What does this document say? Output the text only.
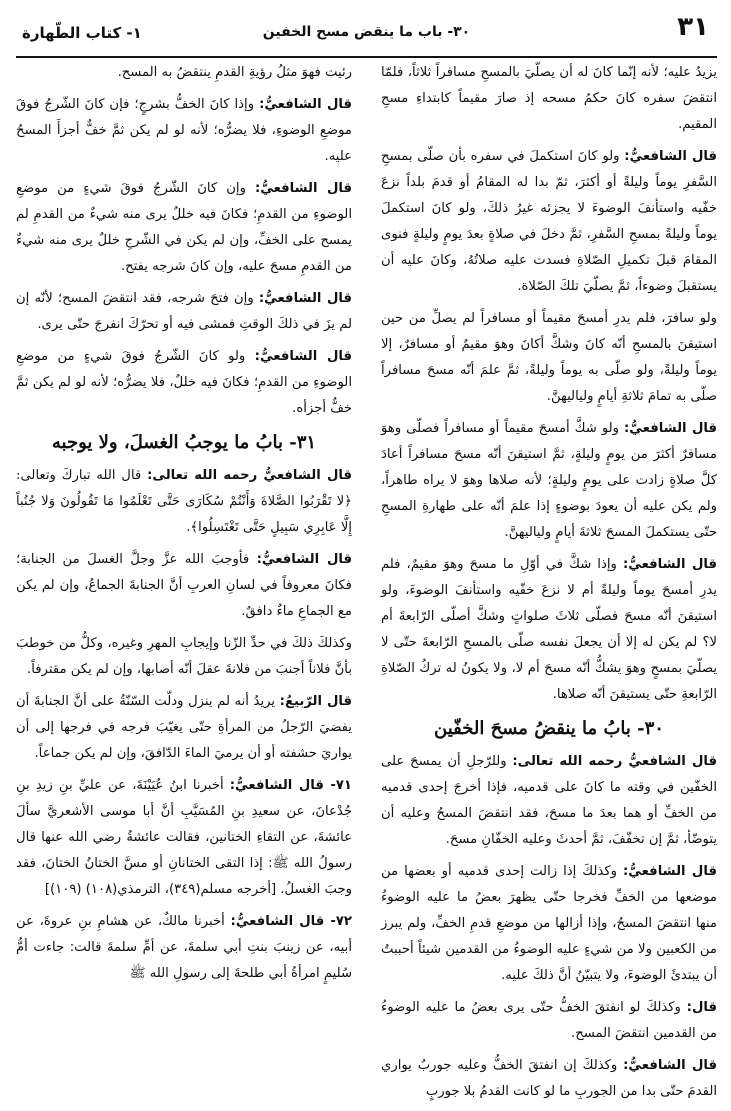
٣١
٣٠- باب ما ينقض مسح الخفين
١- كتاب الطّهارة

يزيدُ عليه؛ لأنه إنّما كانَ له أن يصلّيَ بالمسحِ مسافراً ثلاثاً، فلمّا انتقضَ سفره كانَ حكمُ مسحه إذ صارَ مقيماً كابتداءِ مسحِ المقيم.

قال الشافعيُّ: ولو كانَ استكملَ في سفره بأن صلّى بمسحِ السَّفرِ يوماً وليلةً أو أكثرَ، ثمّ بدا له المقامُ أو قدمَ بلداً نزعَ خفّيه واستأنفَ الوضوءَ لا يجزئه غيرُ ذلكَ، ولو كانَ استكملَ يوماً وليلةً بمسحِ السَّفرِ، ثمَّ دخلَ في صلاةٍ بعدَ يومٍ وليلةٍ فنوى المقامَ قبلَ تكميلِ الصّلاةِ فسدت عليه صلاتُهُ، وكانَ عليه أن يستقبلَ وضوءاً، ثمَّ يصلّيَ تلكَ الصّلاة.

ولو سافرَ، فلم يدرِ أمسحَ مقيماً أو مسافراً لم يصلِّ من حين استيقنَ بالمسحِ أنّه كانَ وشكَّ أكانَ وهوَ مقيمٌ أو مسافرٌ، إلا يوماً وليلةً، ولو صلّى به يوماً وليلةً، ثمَّ علمَ أنّه مسحَ مسافراً صلّى به تمامَ ثلاثةِ أيامٍ ولياليهنَّ.

قال الشافعيُّ: ولو شكَّ أمسحَ مقيماً أو مسافراً فصلّى وهوَ مسافرٌ أكثرَ من يومٍ وليلةٍ، ثمَّ استيقنَ أنّه مسحَ مسافراً أعادَ كلَّ صلاةٍ زادت على يومٍ وليلةٍ؛ لأنه صلاها وهوَ لا يراه طاهراً، ولم يكن عليه أن يعودَ بوضوءٍ إذا علمَ أنّه على طهارةِ المسحِ حتّى يستكملَ المسحَ ثلاثةَ أيامٍ ولياليهنَّ.

قال الشافعيُّ: وإذا شكَّ في أوّلِ ما مسحَ وهوَ مقيمٌ، فلم يدرِ أمسحَ يوماً وليلةً أم لا نزعَ خفّيه واستأنفَ الوضوءَ، ولو استيقنَ أنّه مسحَ فصلّى ثلاثَ صلواتٍ وشكَّ أصلّى الرّابعةَ أم لا؟ لم يكن له إلا أن يجعلَ نفسه صلّى بالمسحِ الرّابعةَ حتّى لا يصلّيَ بمسحٍ وهوَ يشكُّ أنّه مسحَ أم لا، ولا يكونُ له تركُ الصّلاةِ الرّابعةِ حتّى يستيقنَ أنّه صلاها.

٣٠- بابُ ما ينقضُ مسحَ الخفّين

قال الشافعيُّ رحمه الله تعالى: وللرّجلِ أن يمسحَ على الخفّين في وقته ما كانَ على قدميه، فإذا أخرجَ إحدى قدميه من الخفِّ أو هما بعدَ ما مسحَ، فقد انتقضَ المسحُ وعليه أن يتوضّأ، ثمَّ إن تخفّفَ، ثمَّ أحدثَ وعليه الخفّانِ مسحَ.

قال الشافعيُّ: وكذلكَ إذا زالت إحدى قدميه أو بعضها من موضعها من الخفِّ فخرجا حتّى يظهرَ بعضُ ما عليه الوضوءُ منها انتقضَ المسحُ، وإذا أزالها من موضعِ قدمِ الخفِّ، ولم يبرز من الكعبين ولا من شيءٍ عليه الوضوءُ من القدمين شيئاً أحببتُ أن يبتدئَ الوضوءَ، ولا يتبيّنُ أنَّ ذلكَ عليه.

قال: وكذلكَ لو انفتقَ الخفُّ حتّى يرى بعضُ ما عليه الوضوءُ من القدمين انتقضَ المسح.

قال الشافعيُّ: وكذلكَ إن انفتقَ الخفُّ وعليه جوربٌ يواري القدمَ حتّى بدا من الجوربِ ما لو كانت القدمُ بلا جوربٍ

رئيت فهوَ مثلُ رؤيةِ القدمِ ينتقضُ به المسح.

قال الشافعيُّ: وإذا كانَ الخفُّ بشرجٍ؛ فإن كانَ الشّرجُ فوقَ موضعِ الوضوءِ، فلا يضرُّه؛ لأنه لو لم يكن ثمَّ خفٌّ أجزأَ المسحُ عليه.

قال الشافعيُّ: وإن كانَ الشّرجُ فوقَ شيءٍ من موضعِ الوضوءِ من القدمِ؛ فكانَ فيه خللٌ يرى منه شيءٌ من القدمِ لم يمسح على الخفِّ، وإن لم يكن في الشّرجِ خللٌ يرى منه شيءٌ من القدمِ مسحَ عليه، وإن كانَ شرجه يفتح.

قال الشافعيُّ: وإن فتحَ شرجه، فقد انتقضَ المسح؛ لأنّه إن لم يزَ في ذلكَ الوقتِ فمشى فيه أو تحرّكَ انفرجَ حتّى يرى.

قال الشافعيُّ: ولو كانَ الشّرجُ فوقَ شيءٍ من موضعِ الوضوءِ من القدمِ؛ فكانَ فيه خللٌ، فلا يضرُّه؛ لأنه لو لم يكن ثمَّ خفٌّ أجزأه.

٣١- بابُ ما يوجبُ الغسلَ، ولا يوجبه

قال الشافعيُّ رحمه الله تعالى: قال الله تباركَ وتعالى: ﴿لا تَقْرَبُوا الصَّلاةَ وَأَنْتُمْ سُكَارَى حَتَّى تَعْلَمُوا مَا تَقُولُونَ وَلا جُنُباً إِلَّا عَابِرِي سَبِيلٍ حَتَّى تَغْتَسِلُوا﴾.

قال الشافعيُّ: فأوجبَ الله عزَّ وجلَّ الغسلَ من الجنابة؛ فكانَ معروفاً في لسانِ العربِ أنَّ الجنابةَ الجماعُ، وإن لم يكن مع الجماعِ ماءٌ دافقٌ.

وكذلكَ ذلكَ في حدِّ الزّنا وإيجابِ المهرِ وغيره، وكلُّ من خوطبَ بأنَّ فلاناً أجنبَ من فلانةَ عقلَ أنّه أصابها، وإن لم يكن مقترفاً.

قال الرّبيعُ: يريدُ أنه لم ينزل ودلّت السّنّةُ على أنَّ الجنابةَ أن يفضيَ الرّجلُ من المرأةِ حتّى يغيّبَ فرجه في فرجها إلى أن يواريَ حشفته أو أن يرميَ الماءَ الدّافقَ، وإن لم يكن جماعاً.

٧١- قال الشافعيُّ: أخبرنا ابنُ عُيَيْنَةَ، عن عليِّ بنِ زيدِ بنِ جُدْعانَ، عن سعيدِ بنِ المُسَيَّبِ أنَّ أبا موسى الأشعريَّ سألَ عائشةَ، عن التقاءِ الختانين، فقالت عائشةُ رضي الله عنها قال رسولُ الله ﷺ: إذا التقى الختانانِ أو مسَّ الختانُ الختانَ، فقد وجبَ الغسلُ. [أخرجه مسلم(٣٤٩)، الترمذي(١٠٨) (١٠٩)]

٧٢- قال الشافعيُّ: أخبرنا مالكٌ، عن هشامِ بنِ عروةَ، عن أبيه، عن زينبَ بنتِ أبي سلمةَ، عن أمِّ سلمةَ قالت: جاءت أمُّ سُليمٍ امرأةُ أبي طلحةَ إلى رسولِ الله ﷺ
